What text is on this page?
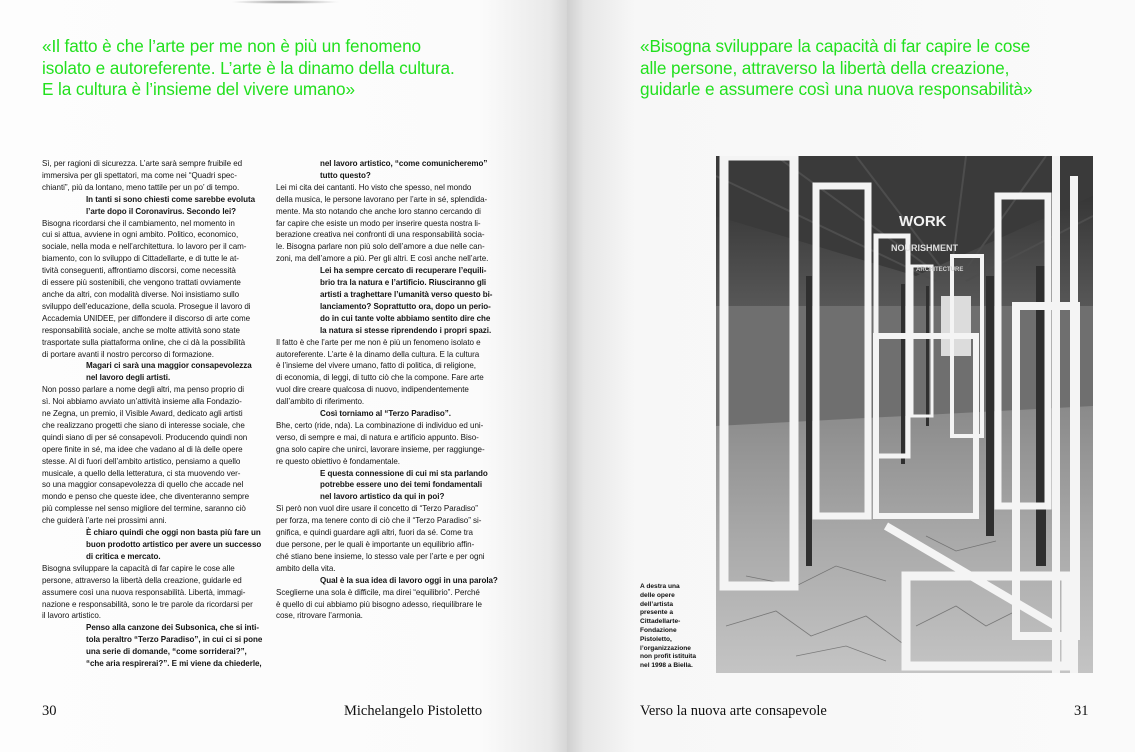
«Il fatto è che l’arte per me non è più un fenomeno

isolato e autoreferente. L’arte è la dinamo della cultura.

E la cultura è l’insieme del vivere umano»

Sì, per ragioni di sicurezza. L’arte sarà sempre fruibile ed

immersiva per gli spettatori, ma come nei “Quadri spec-

chianti”, più da lontano, meno tattile per un po’ di tempo.

In tanti si sono chiesti come sarebbe evoluta

l’arte dopo il Coronavirus. Secondo lei?

Bisogna ricordarsi che il cambiamento, nel momento in

cui si attua, avviene in ogni ambito. Politico, economico,

sociale, nella moda e nell’architettura. Io lavoro per il cam-

biamento, con lo sviluppo di Cittadellarte, e di tutte le at-

tività conseguenti, affrontiamo discorsi, come necessità

di essere più sostenibili, che vengono trattati ovviamente

anche da altri, con modalità diverse. Noi insistiamo sullo

sviluppo dell’educazione, della scuola. Prosegue il lavoro di

Accademia UNIDEE, per diffondere il discorso di arte come

responsabilità sociale, anche se molte attività sono state

trasportate sulla piattaforma online, che ci dà la possibilità

di portare avanti il nostro percorso di formazione.

Magari ci sarà una maggior consapevolezza

nel lavoro degli artisti.

Non posso parlare a nome degli altri, ma penso proprio di

sì. Noi abbiamo avviato un’attività insieme alla Fondazio-

ne Zegna, un premio, il Visible Award, dedicato agli artisti

che realizzano progetti che siano di interesse sociale, che

quindi siano di per sé consapevoli. Producendo quindi non

opere finite in sé, ma idee che vadano al di là delle opere

stesse. Al di fuori dell’ambito artistico, pensiamo a quello

musicale, a quello della letteratura, ci sta muovendo ver-

so una maggior consapevolezza di quello che accade nel

mondo e penso che queste idee, che diventeranno sempre

più complesse nel senso migliore del termine, saranno ciò

che guiderà l’arte nei prossimi anni.

È chiaro quindi che oggi non basta più fare un

buon prodotto artistico per avere un successo

di critica e mercato.

Bisogna sviluppare la capacità di far capire le cose alle

persone, attraverso la libertà della creazione, guidarle ed

assumere così una nuova responsabilità. Libertà, immagi-

nazione e responsabilità, sono le tre parole da ricordarsi per

il lavoro artistico.

Penso alla canzone dei Subsonica, che si inti-

tola peraltro “Terzo Paradiso”, in cui ci si pone

una serie di domande, “come sorriderai?”,

“che aria respirerai?”. E mi viene da chiederle,

nel lavoro artistico, “come comunicheremo”

tutto questo?

Lei mi cita dei cantanti. Ho visto che spesso, nel mondo

della musica, le persone lavorano per l’arte in sé, splendida-

mente. Ma sto notando che anche loro stanno cercando di

far capire che esiste un modo per inserire questa nostra li-

berazione creativa nei confronti di una responsabilità socia-

le. Bisogna parlare non più solo dell’amore a due nelle can-

zoni, ma dell’amore a più. Per gli altri. E così anche nell’arte.

Lei ha sempre cercato di recuperare l’equili-

brio tra la natura e l’artificio. Riusciranno gli

artisti a traghettare l’umanità verso questo bi-

lanciamento? Soprattutto ora, dopo un perio-

do in cui tante volte abbiamo sentito dire che

la natura si stesse riprendendo i propri spazi.

Il fatto è che l’arte per me non è più un fenomeno isolato e

autoreferente. L’arte è la dinamo della cultura. E la cultura

è l’insieme del vivere umano, fatto di politica, di religione,

di economia, di leggi, di tutto ciò che la compone. Fare arte

vuol dire creare qualcosa di nuovo, indipendentemente

dall’ambito di riferimento.

Così torniamo al “Terzo Paradiso”.

Bhe, certo (ride, nda). La combinazione di individuo ed uni-

verso, di sempre e mai, di natura e artificio appunto. Biso-

gna solo capire che unirci, lavorare insieme, per raggiunge-

re questo obiettivo è fondamentale.

E questa connessione di cui mi sta parlando

potrebbe essere uno dei temi fondamentali

nel lavoro artistico da qui in poi?

Sì però non vuol dire usare il concetto di “Terzo Paradiso”

per forza, ma tenere conto di ciò che il “Terzo Paradiso” si-

gnifica, e quindi guardare agli altri, fuori da sé. Come tra

due persone, per le quali è importante un equilibrio affin-

ché stiano bene insieme, lo stesso vale per l’arte e per ogni

ambito della vita.

Qual è la sua idea di lavoro oggi in una parola?

Sceglierne una sola è difficile, ma direi “equilibrio”. Perché

è quello di cui abbiamo più bisogno adesso, riequilibrare le

cose, ritrovare l’armonia.

30	Michelangelo Pistoletto

«Bisogna sviluppare la capacità di far capire le cose

alle persone, attraverso la libertà della creazione,

guidarle e assumere così una nuova responsabilità»

A destra una

delle opere

dell’artista

presente a

Cittadellarte-

Fondazione

Pistoletto,

l’organizzazione

non profit istituita

nel 1998 a Biella.

WORK
NOURISHMENT
ARCHITECTURE
Verso la nuova arte consapevole	31
